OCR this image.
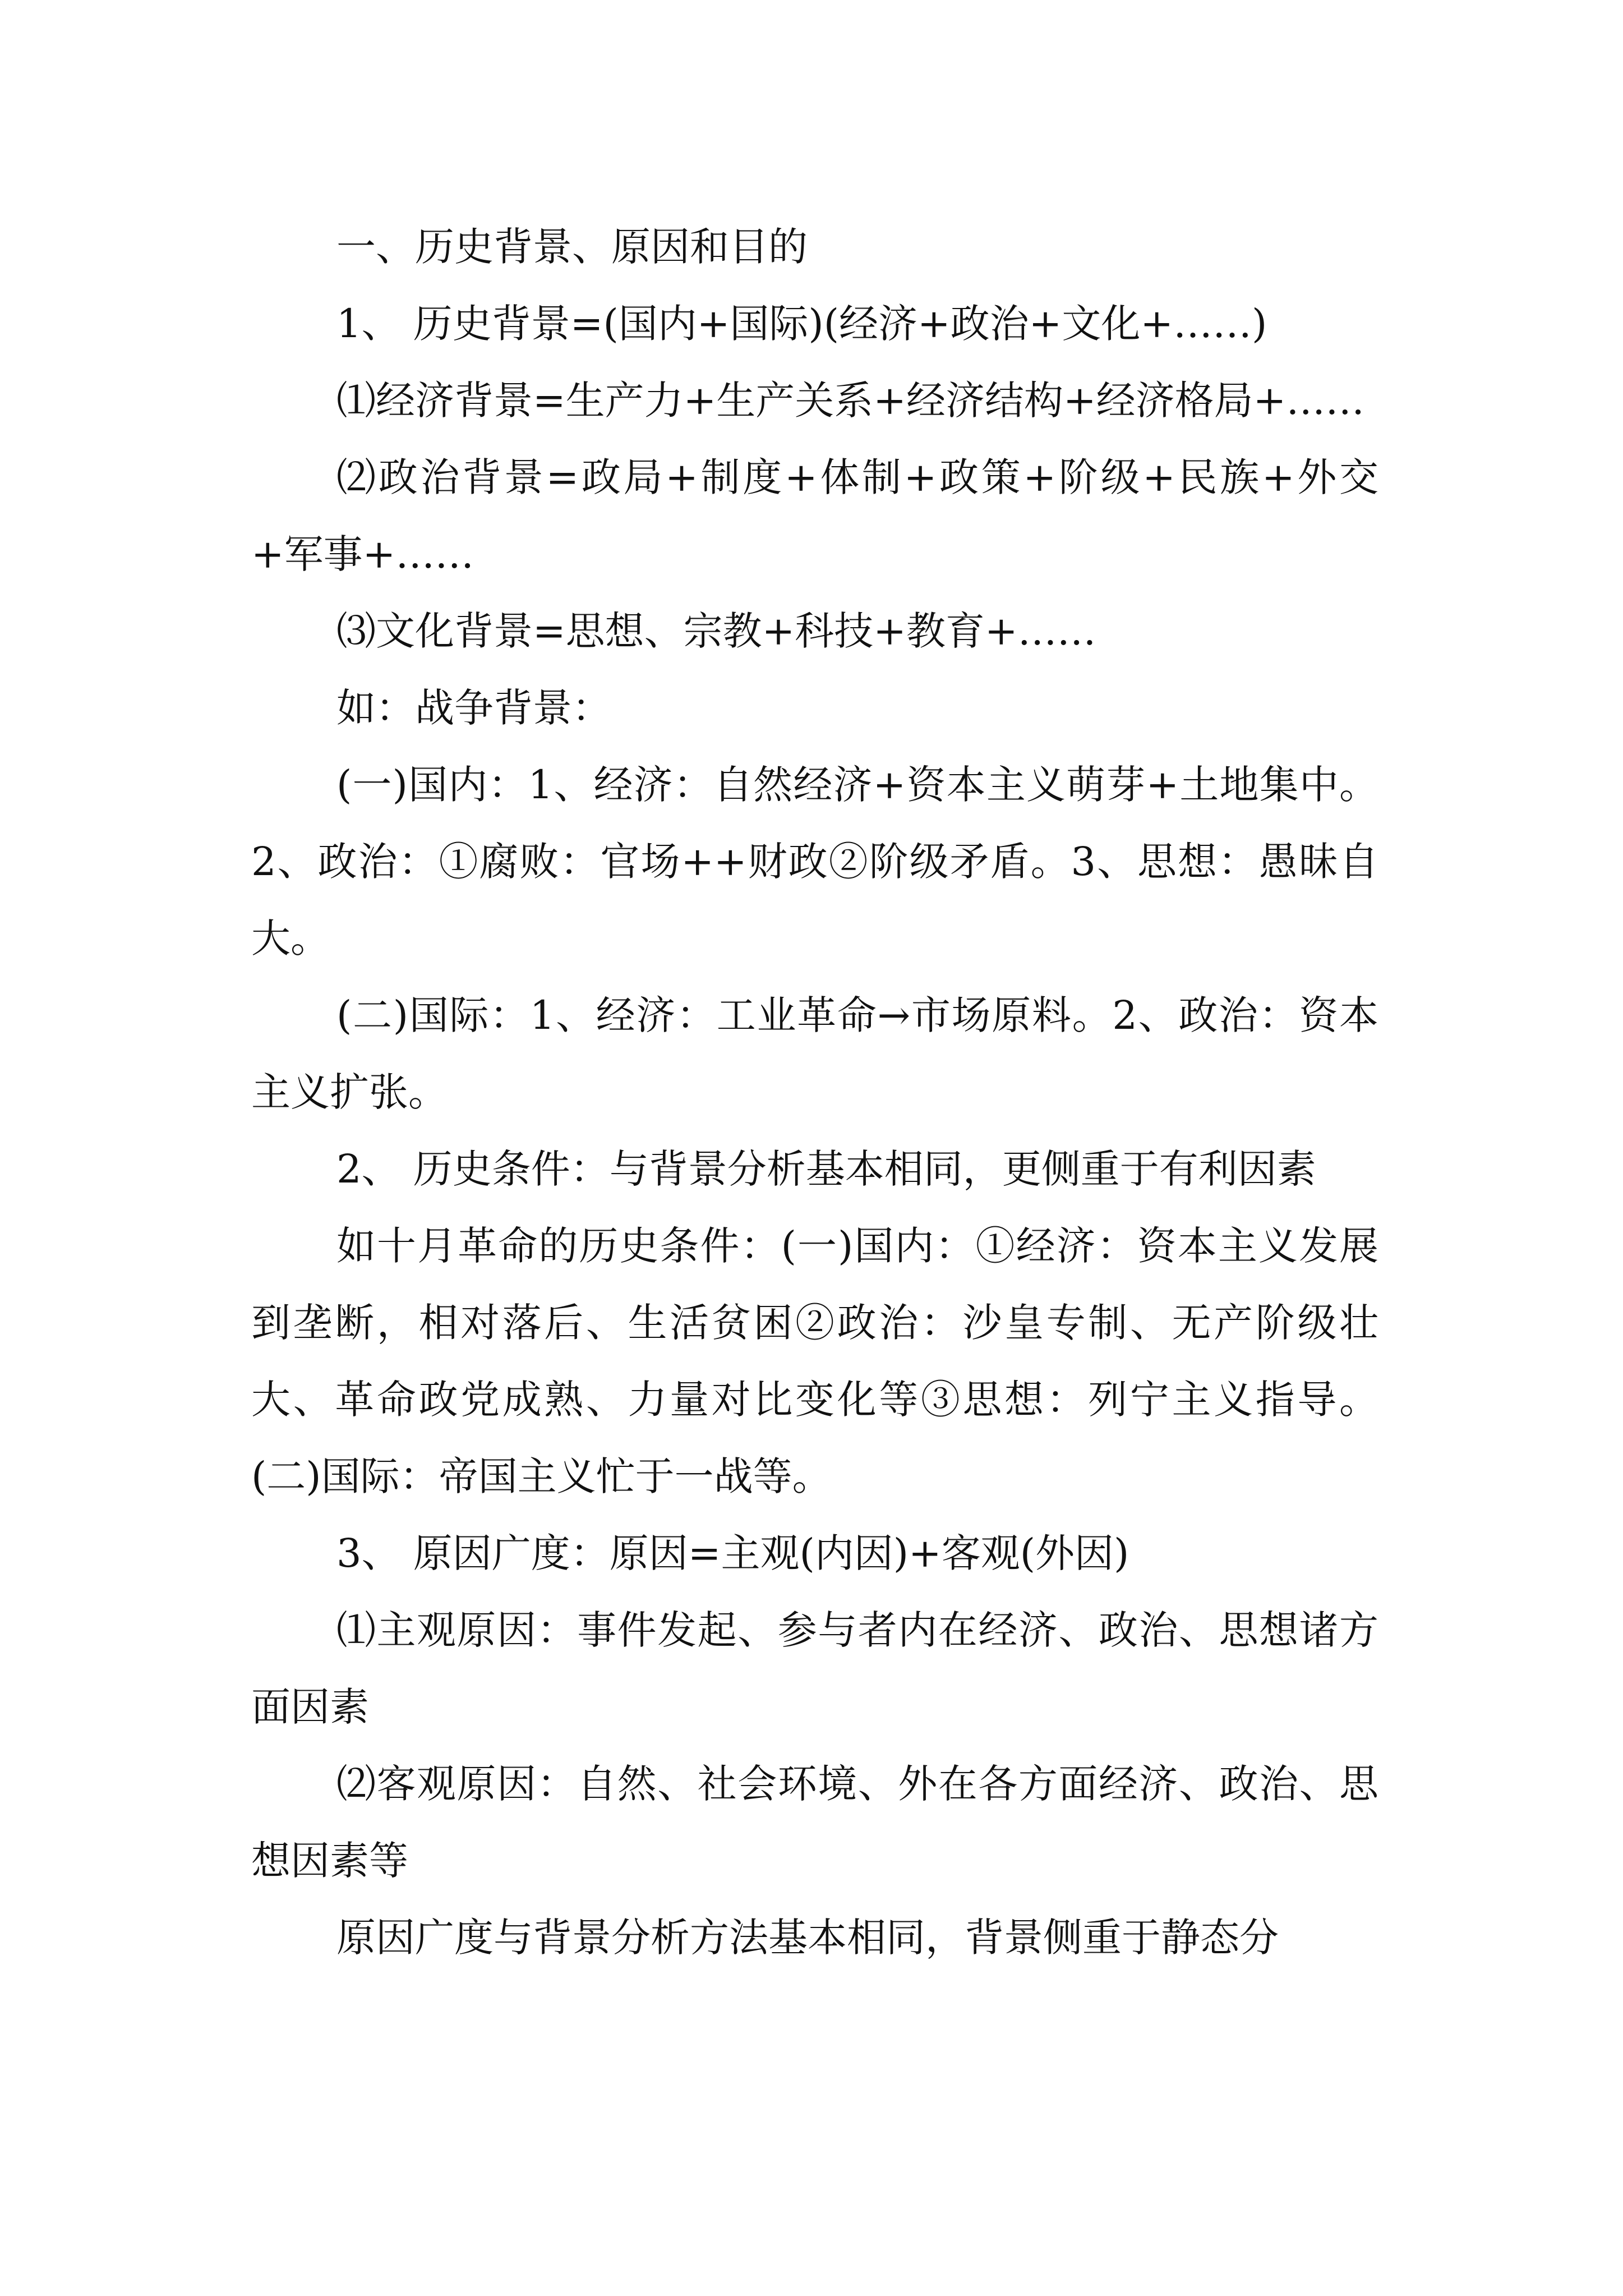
一、历史背景、原因和目的

1、 历史背景=(国内+国际)(经济+政治+文化+……)

⑴经济背景=生产力+生产关系+经济结构+经济格局+……

⑵政治背景=政局+制度+体制+政策+阶级+民族+外交+军事+……

⑶文化背景=思想、宗教+科技+教育+……

如：战争背景：

(一)国内：1、经济：自然经济+资本主义萌芽+土地集中。2、政治：①腐败：官场++财政②阶级矛盾。3、思想：愚昧自大。

(二)国际：1、经济：工业革命→市场原料。2、政治：资本主义扩张。

2、 历史条件：与背景分析基本相同，更侧重于有利因素

如十月革命的历史条件：(一)国内：①经济：资本主义发展到垄断，相对落后、生活贫困②政治：沙皇专制、无产阶级壮大、革命政党成熟、力量对比变化等③思想：列宁主义指导。(二)国际：帝国主义忙于一战等。

3、 原因广度：原因=主观(内因)+客观(外因)

⑴主观原因：事件发起、参与者内在经济、政治、思想诸方面因素

⑵客观原因：自然、社会环境、外在各方面经济、政治、思想因素等

原因广度与背景分析方法基本相同，背景侧重于静态分
